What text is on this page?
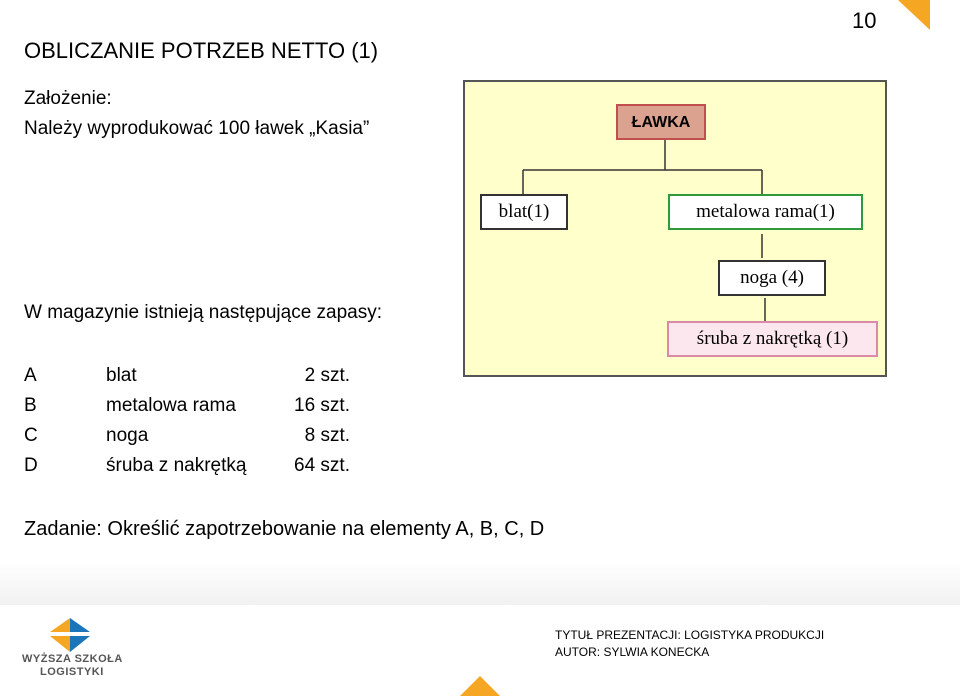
10
OBLICZANIE POTRZEB NETTO (1)
Założenie:
Należy wyprodukować 100 ławek „Kasia”
W magazynie istnieją następujące zapasy:
A	blat	2 szt.
B	metalowa rama	16 szt.
C	noga	8 szt.
D	śruba z nakrętką	64 szt.
Zadanie: Określić zapotrzebowanie na elementy A, B, C, D
ŁAWKA
blat(1)	metalowa rama(1)
noga (4)
śruba z nakrętką (1)
WYŻSZA SZKOŁA
LOGISTYKI
TYTUŁ PREZENTACJI: LOGISTYKA PRODUKCJI
AUTOR: SYLWIA KONECKA
